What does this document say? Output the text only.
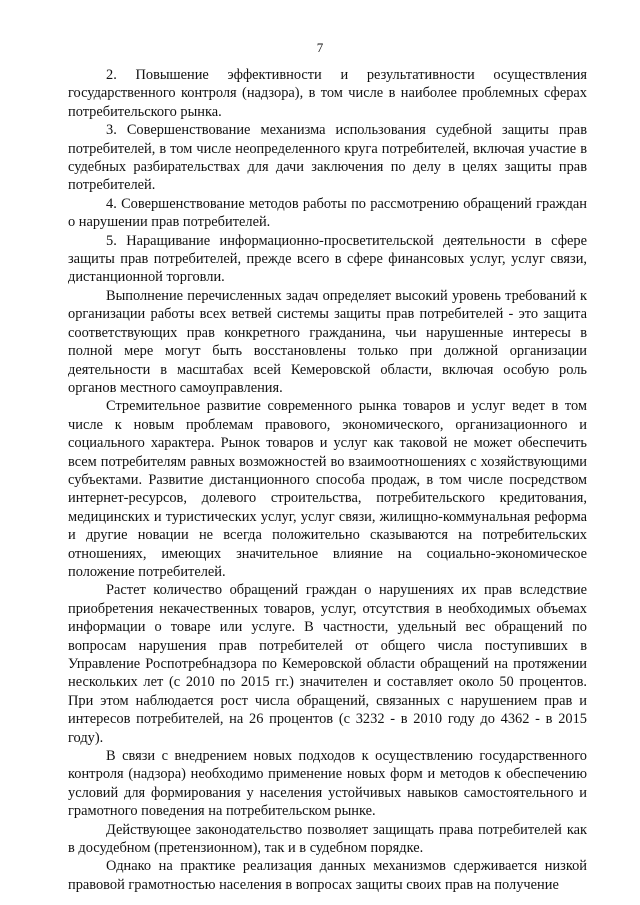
7

2. Повышение эффективности и результативности осуществления государственного контроля (надзора), в том числе в наиболее проблемных сферах потребительского рынка.

3. Совершенствование механизма использования судебной защиты прав потребителей, в том числе неопределенного круга потребителей, включая участие в судебных разбирательствах для дачи заключения по делу в целях защиты прав потребителей.

4. Совершенствование методов работы по рассмотрению обращений граждан о нарушении прав потребителей.

5. Наращивание информационно-просветительской деятельности в сфере защиты прав потребителей, прежде всего в сфере финансовых услуг, услуг связи, дистанционной торговли.

Выполнение перечисленных задач определяет высокий уровень требований к организации работы всех ветвей системы защиты прав потребителей - это защита соответствующих прав конкретного гражданина, чьи нарушенные интересы в полной мере могут быть восстановлены только при должной организации деятельности в масштабах всей Кемеровской области, включая особую роль органов местного самоуправления.

Стремительное развитие современного рынка товаров и услуг ведет в том числе к новым проблемам правового, экономического, организационного и социального характера. Рынок товаров и услуг как таковой не может обеспечить всем потребителям равных возможностей во взаимоотношениях с хозяйствующими субъектами. Развитие дистанционного способа продаж, в том числе посредством интернет-ресурсов, долевого строительства, потребительского кредитования, медицинских и туристических услуг, услуг связи, жилищно-коммунальная реформа и другие новации не всегда положительно сказываются на потребительских отношениях, имеющих значительное влияние на социально-экономическое положение потребителей.

Растет количество обращений граждан о нарушениях их прав вследствие приобретения некачественных товаров, услуг, отсутствия в необходимых объемах информации о товаре или услуге. В частности, удельный вес обращений по вопросам нарушения прав потребителей от общего числа поступивших в Управление Роспотребнадзора по Кемеровской области обращений на протяжении нескольких лет (с 2010 по 2015 гг.) значителен и составляет около 50 процентов. При этом наблюдается рост числа обращений, связанных с нарушением прав и интересов потребителей, на 26 процентов (с 3232 - в 2010 году до 4362 - в 2015 году).

В связи с внедрением новых подходов к осуществлению государственного контроля (надзора) необходимо применение новых форм и методов к обеспечению условий для формирования у населения устойчивых навыков самостоятельного и грамотного поведения на потребительском рынке.

Действующее законодательство позволяет защищать права потребителей как в досудебном (претензионном), так и в судебном порядке.

Однако на практике реализация данных механизмов сдерживается низкой правовой грамотностью населения в вопросах защиты своих прав на получение
